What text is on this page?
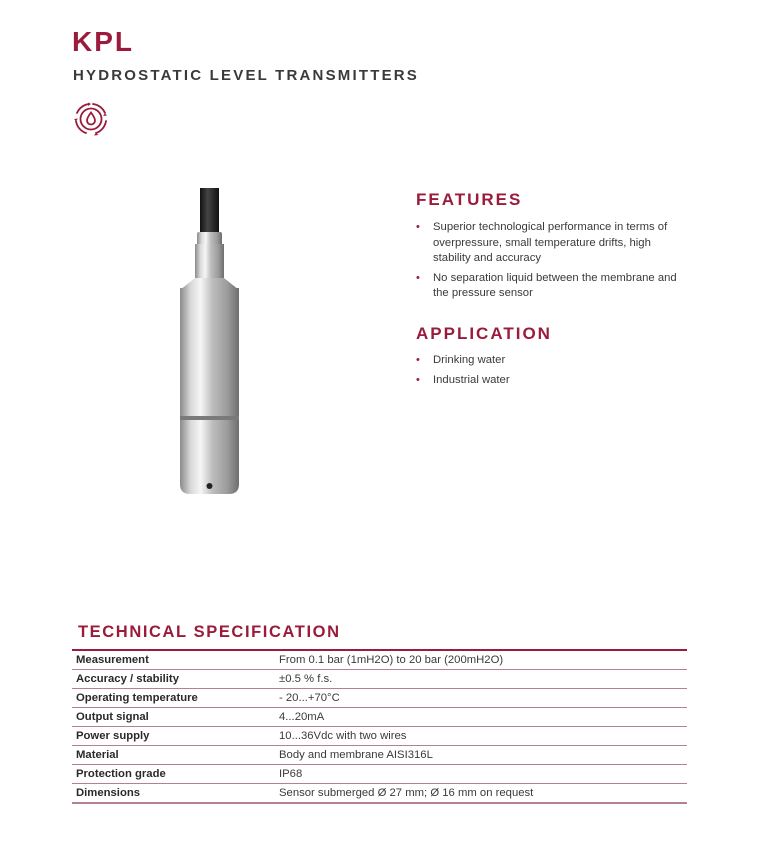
KPL
HYDROSTATIC LEVEL TRANSMITTERS
FEATURES
• Superior technological performance in terms of overpressure, small temperature drifts, high stability and accuracy
• No separation liquid between the membrane and the pressure sensor
APPLICATION
• Drinking water
• Industrial water
TECHNICAL SPECIFICATION
Measurement	From 0.1 bar (1mH2O) to 20 bar (200mH2O)
Accuracy / stability	±0.5 % f.s.
Operating temperature	- 20...+70°C
Output signal	4...20mA
Power supply	10...36Vdc with two wires
Material	Body and membrane AISI316L
Protection grade	IP68
Dimensions	Sensor submerged Ø 27 mm; Ø 16 mm on request
